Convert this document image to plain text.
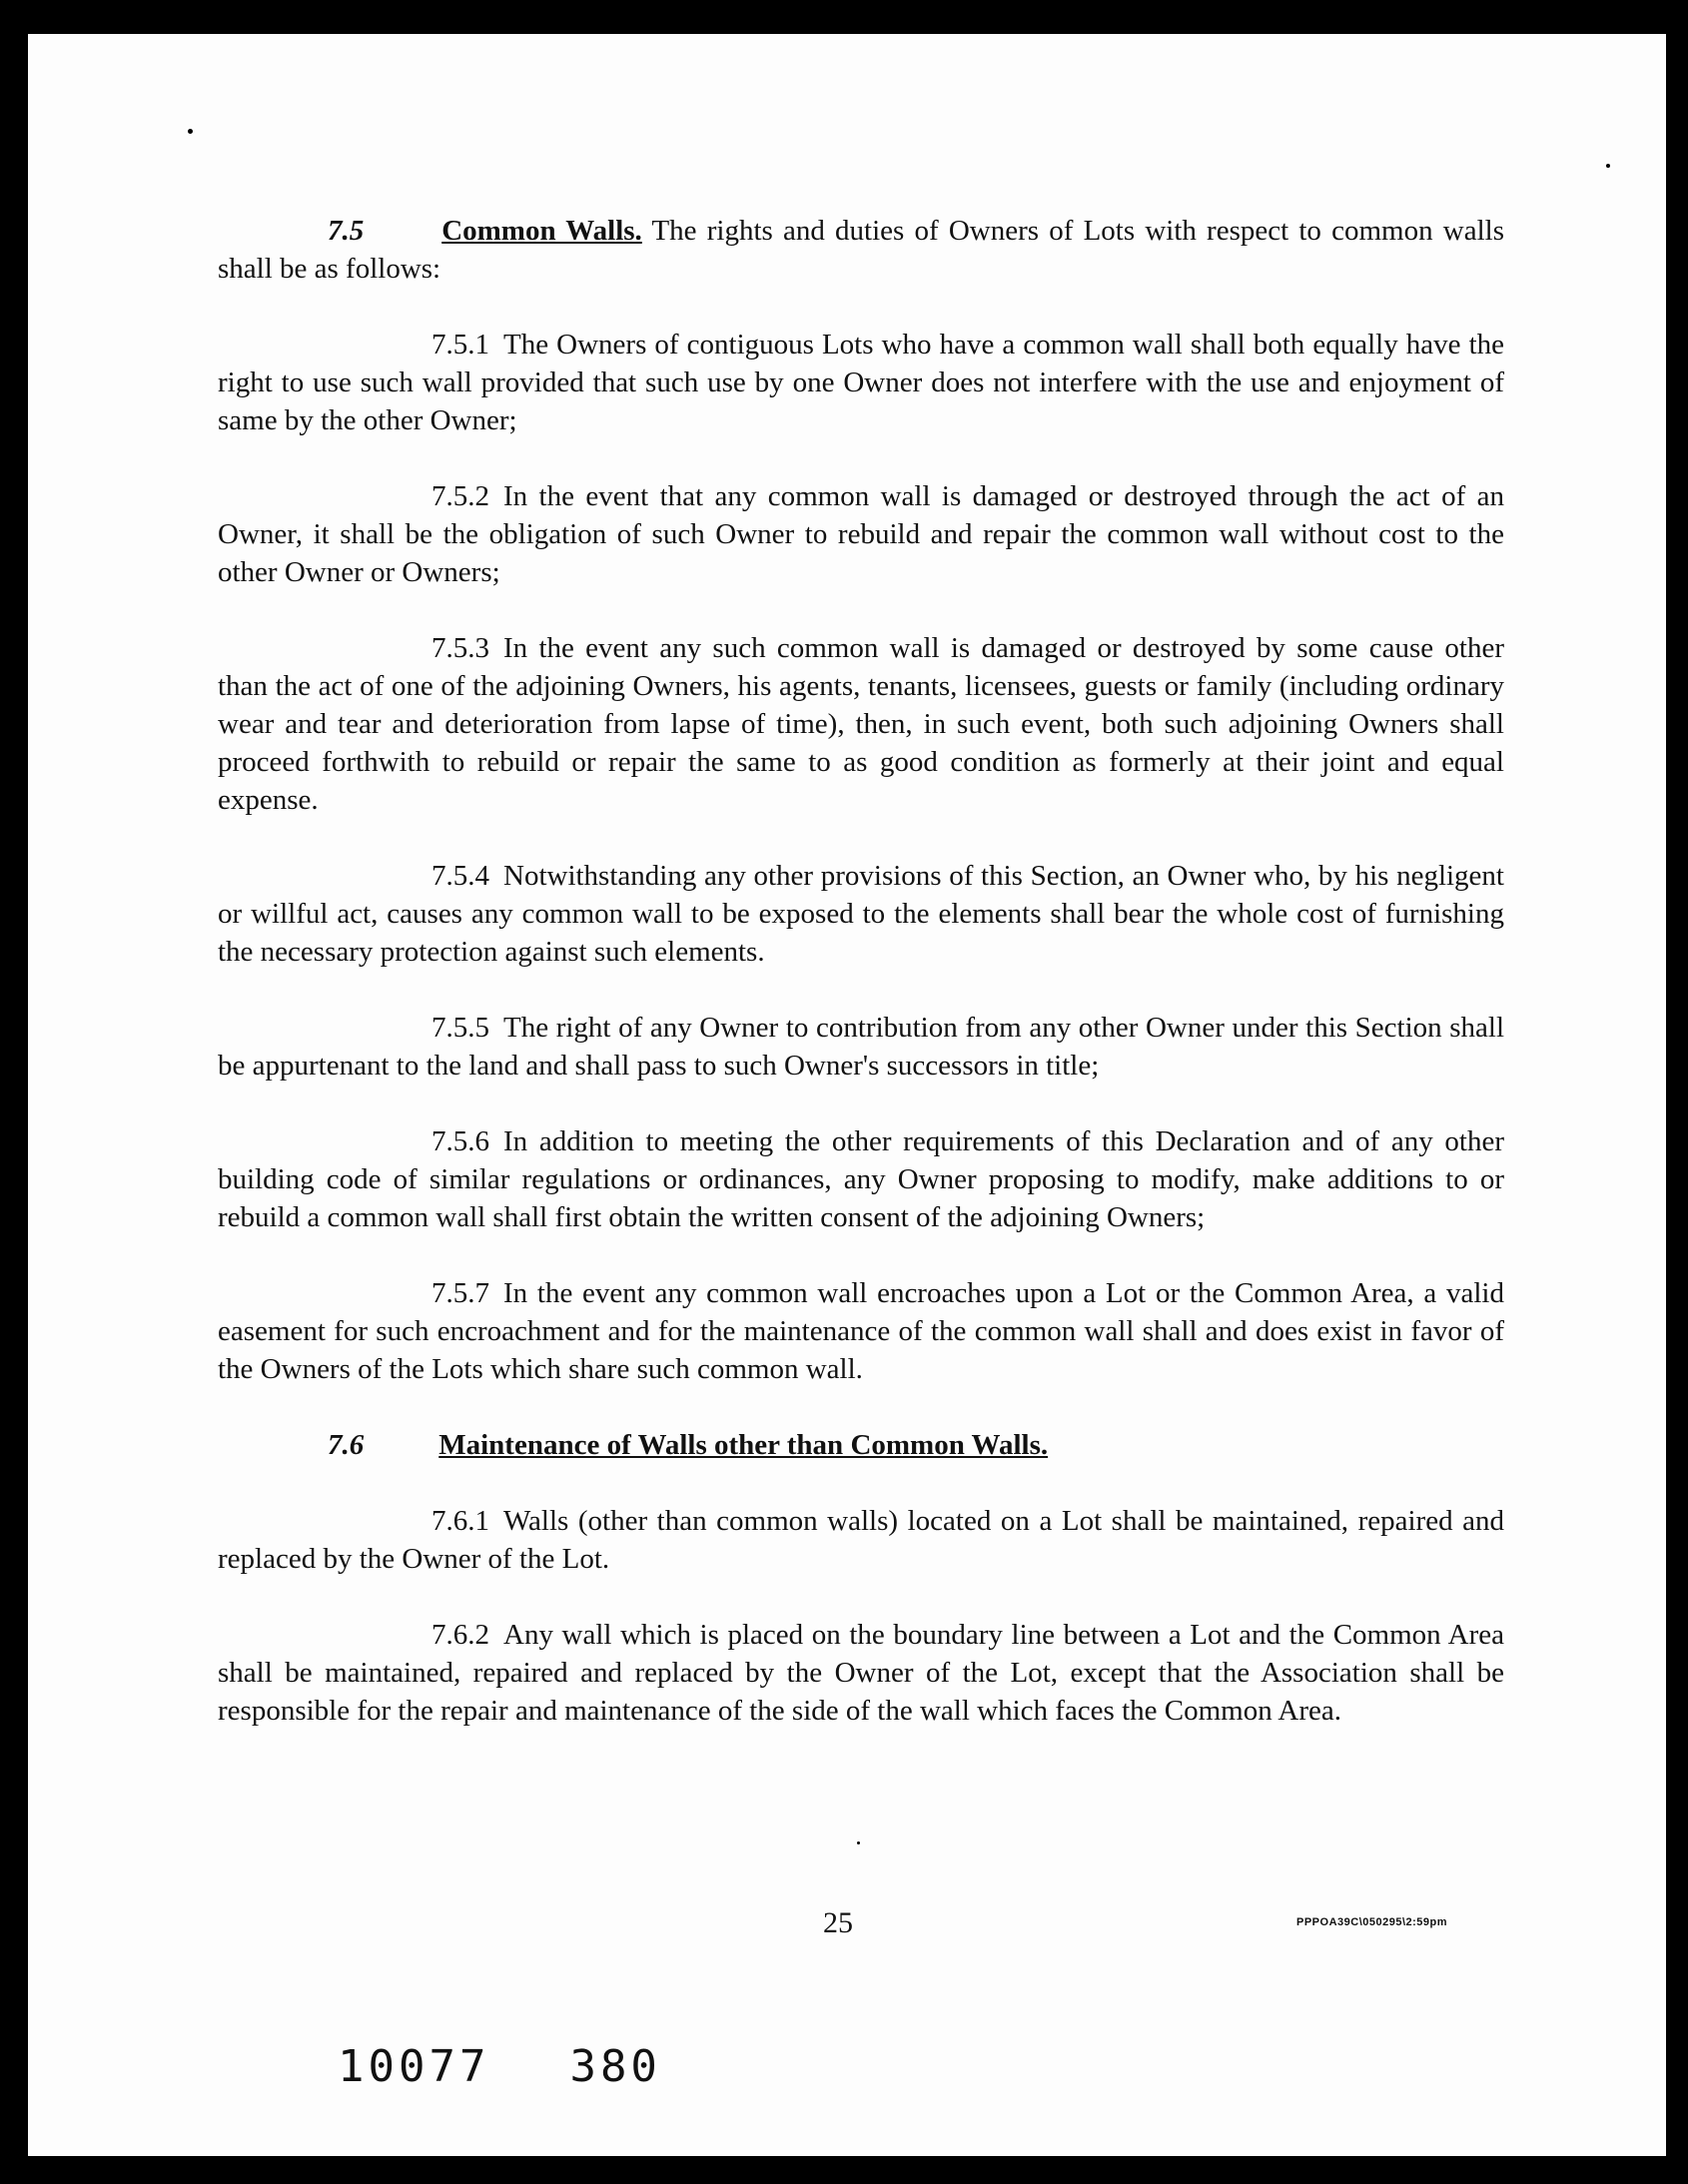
7.5	Common Walls. The rights and duties of Owners of Lots with respect to common walls shall be as follows:

7.5.1 The Owners of contiguous Lots who have a common wall shall both equally have the right to use such wall provided that such use by one Owner does not interfere with the use and enjoyment of same by the other Owner;

7.5.2 In the event that any common wall is damaged or destroyed through the act of an Owner, it shall be the obligation of such Owner to rebuild and repair the common wall without cost to the other Owner or Owners;

7.5.3 In the event any such common wall is damaged or destroyed by some cause other than the act of one of the adjoining Owners, his agents, tenants, licensees, guests or family (including ordinary wear and tear and deterioration from lapse of time), then, in such event, both such adjoining Owners shall proceed forthwith to rebuild or repair the same to as good condition as formerly at their joint and equal expense.

7.5.4 Notwithstanding any other provisions of this Section, an Owner who, by his negligent or willful act, causes any common wall to be exposed to the elements shall bear the whole cost of furnishing the necessary protection against such elements.

7.5.5 The right of any Owner to contribution from any other Owner under this Section shall be appurtenant to the land and shall pass to such Owner's successors in title;

7.5.6 In addition to meeting the other requirements of this Declaration and of any other building code of similar regulations or ordinances, any Owner proposing to modify, make additions to or rebuild a common wall shall first obtain the written consent of the adjoining Owners;

7.5.7 In the event any common wall encroaches upon a Lot or the Common Area, a valid easement for such encroachment and for the maintenance of the common wall shall and does exist in favor of the Owners of the Lots which share such common wall.

7.6	Maintenance of Walls other than Common Walls.

7.6.1 Walls (other than common walls) located on a Lot shall be maintained, repaired and replaced by the Owner of the Lot.

7.6.2 Any wall which is placed on the boundary line between a Lot and the Common Area shall be maintained, repaired and replaced by the Owner of the Lot, except that the Association shall be responsible for the repair and maintenance of the side of the wall which faces the Common Area.

25	PPPOA39C\050295\2:59pm
10077 380
